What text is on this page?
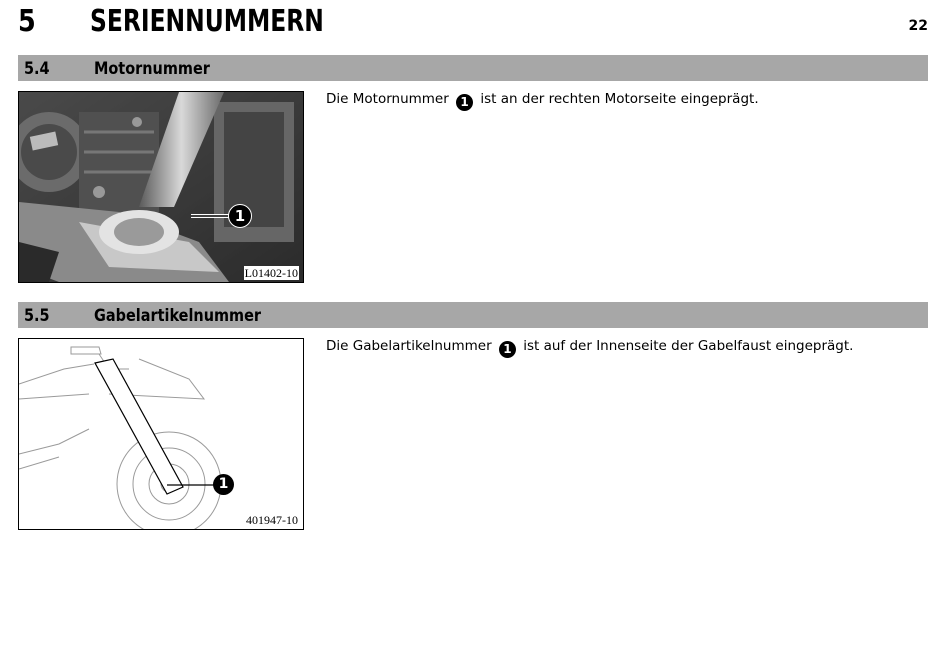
5 SERIENNUMMERN	22
5.4	Motornummer
1
L01402-10
Die Motornummer 1 ist an der rechten Motorseite eingeprägt.
5.5	Gabelartikelnummer
1
401947-10
Die Gabelartikelnummer 1 ist auf der Innenseite der Gabelfaust eingeprägt.
